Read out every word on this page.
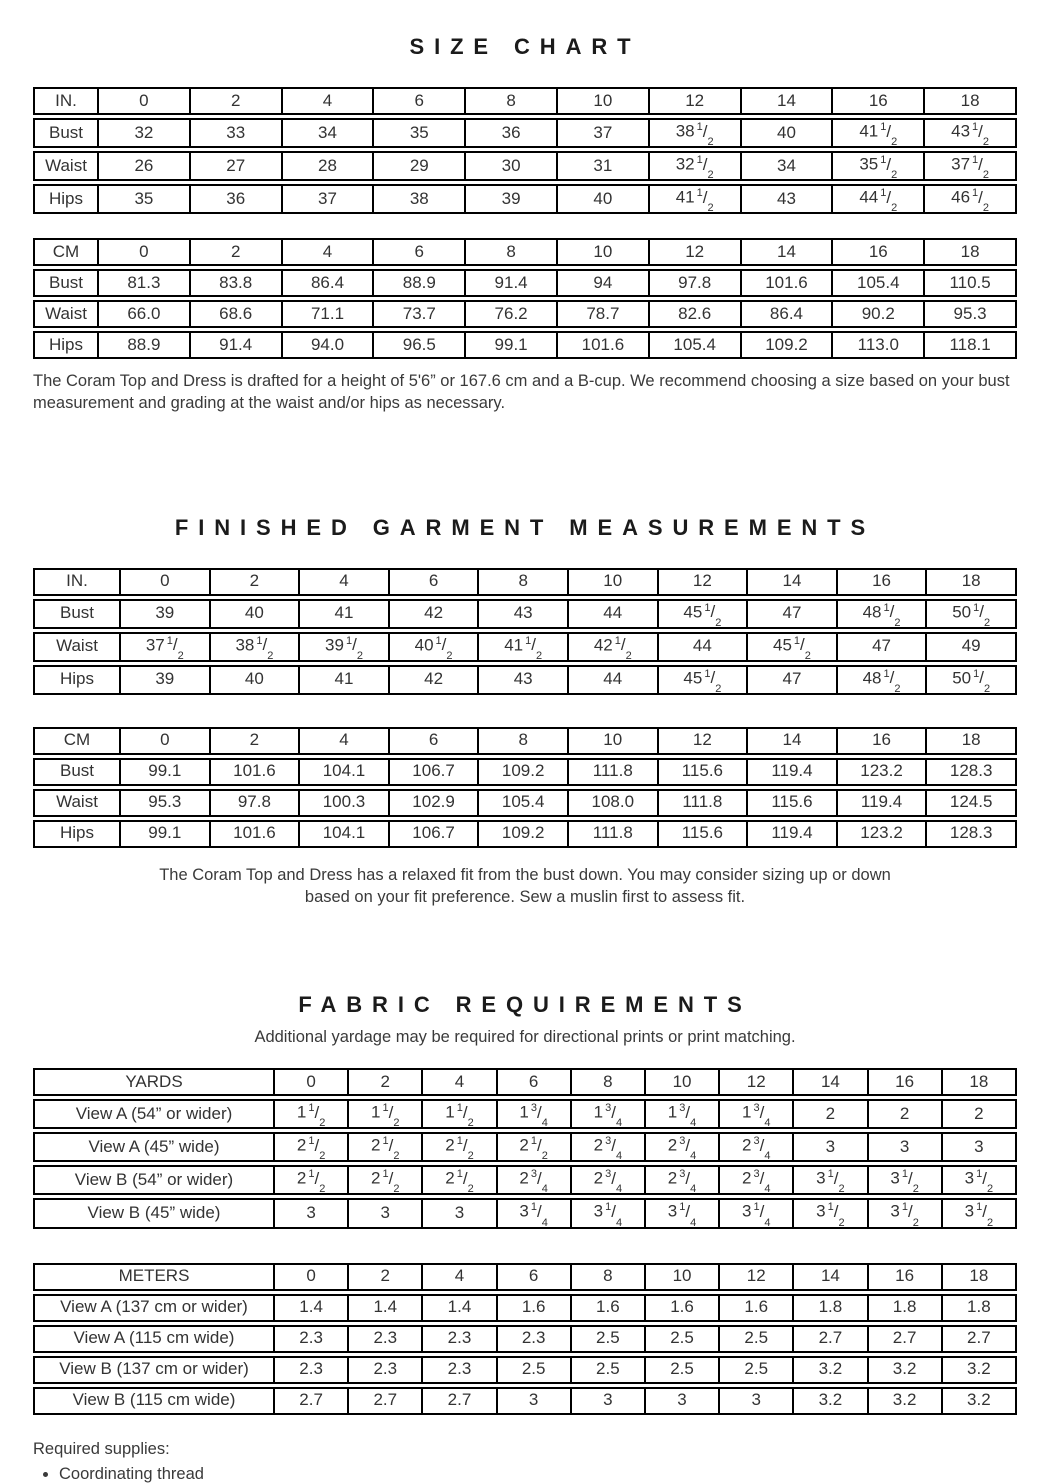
SIZE CHART
IN.	0	2	4	6	8	10	12	14	16	18
Bust	32	33	34	35	36	37	38 $^1/_2$	40	41 $^1/_2$	43 $^1/_2$
Waist	26	27	28	29	30	31	32 $^1/_2$	34	35 $^1/_2$	37 $^1/_2$
Hips	35	36	37	38	39	40	41 $^1/_2$	43	44 $^1/_2$	46 $^1/_2$
CM	0	2	4	6	8	10	12	14	16	18
Bust	81.3	83.8	86.4	88.9	91.4	94	97.8	101.6	105.4	110.5
Waist	66.0	68.6	71.1	73.7	76.2	78.7	82.6	86.4	90.2	95.3
Hips	88.9	91.4	94.0	96.5	99.1	101.6	105.4	109.2	113.0	118.1

The Coram Top and Dress is drafted for a height of 5'6” or 167.6 cm and a B-cup. We recommend choosing a size based on your bust measurement and grading at the waist and/or hips as necessary.

FINISHED GARMENT MEASUREMENTS
IN.	0	2	4	6	8	10	12	14	16	18
Bust	39	40	41	42	43	44	45 $^1/_2$	47	48 $^1/_2$	50 $^1/_2$
Waist	37 $^1/_2$	38 $^1/_2$	39 $^1/_2$	40 $^1/_2$	41 $^1/_2$	42 $^1/_2$	44	45 $^1/_2$	47	49
Hips	39	40	41	42	43	44	45 $^1/_2$	47	48 $^1/_2$	50 $^1/_2$
CM	0	2	4	6	8	10	12	14	16	18
Bust	99.1	101.6	104.1	106.7	109.2	111.8	115.6	119.4	123.2	128.3
Waist	95.3	97.8	100.3	102.9	105.4	108.0	111.8	115.6	119.4	124.5
Hips	99.1	101.6	104.1	106.7	109.2	111.8	115.6	119.4	123.2	128.3

The Coram Top and Dress has a relaxed fit from the bust down. You may consider sizing up or down based on your fit preference. Sew a muslin first to assess fit.

FABRIC REQUIREMENTS

Additional yardage may be required for directional prints or print matching.

YARDS	0	2	4	6	8	10	12	14	16	18
View A (54” or wider)	1 $^1/_2$	1 $^1/_2$	1 $^1/_2$	1 $^3/_4$	1 $^3/_4$	1 $^3/_4$	1 $^3/_4$	2	2	2
View A (45” wide)	2 $^1/_2$	2 $^1/_2$	2 $^1/_2$	2 $^1/_2$	2 $^3/_4$	2 $^3/_4$	2 $^3/_4$	3	3	3
View B (54” or wider)	2 $^1/_2$	2 $^1/_2$	2 $^1/_2$	2 $^3/_4$	2 $^3/_4$	2 $^3/_4$	2 $^3/_4$	3 $^1/_2$	3 $^1/_2$	3 $^1/_2$
View B (45” wide)	3	3	3	3 $^1/_4$	3 $^1/_4$	3 $^1/_4$	3 $^1/_4$	3 $^1/_2$	3 $^1/_2$	3 $^1/_2$
METERS	0	2	4	6	8	10	12	14	16	18
View A (137 cm or wider)	1.4	1.4	1.4	1.6	1.6	1.6	1.6	1.8	1.8	1.8
View A (115 cm wide)	2.3	2.3	2.3	2.3	2.5	2.5	2.5	2.7	2.7	2.7
View B (137 cm or wider)	2.3	2.3	2.3	2.5	2.5	2.5	2.5	3.2	3.2	3.2
View B (115 cm wide)	2.7	2.7	2.7	3	3	3	3	3.2	3.2	3.2

Required supplies:

• Coordinating thread
